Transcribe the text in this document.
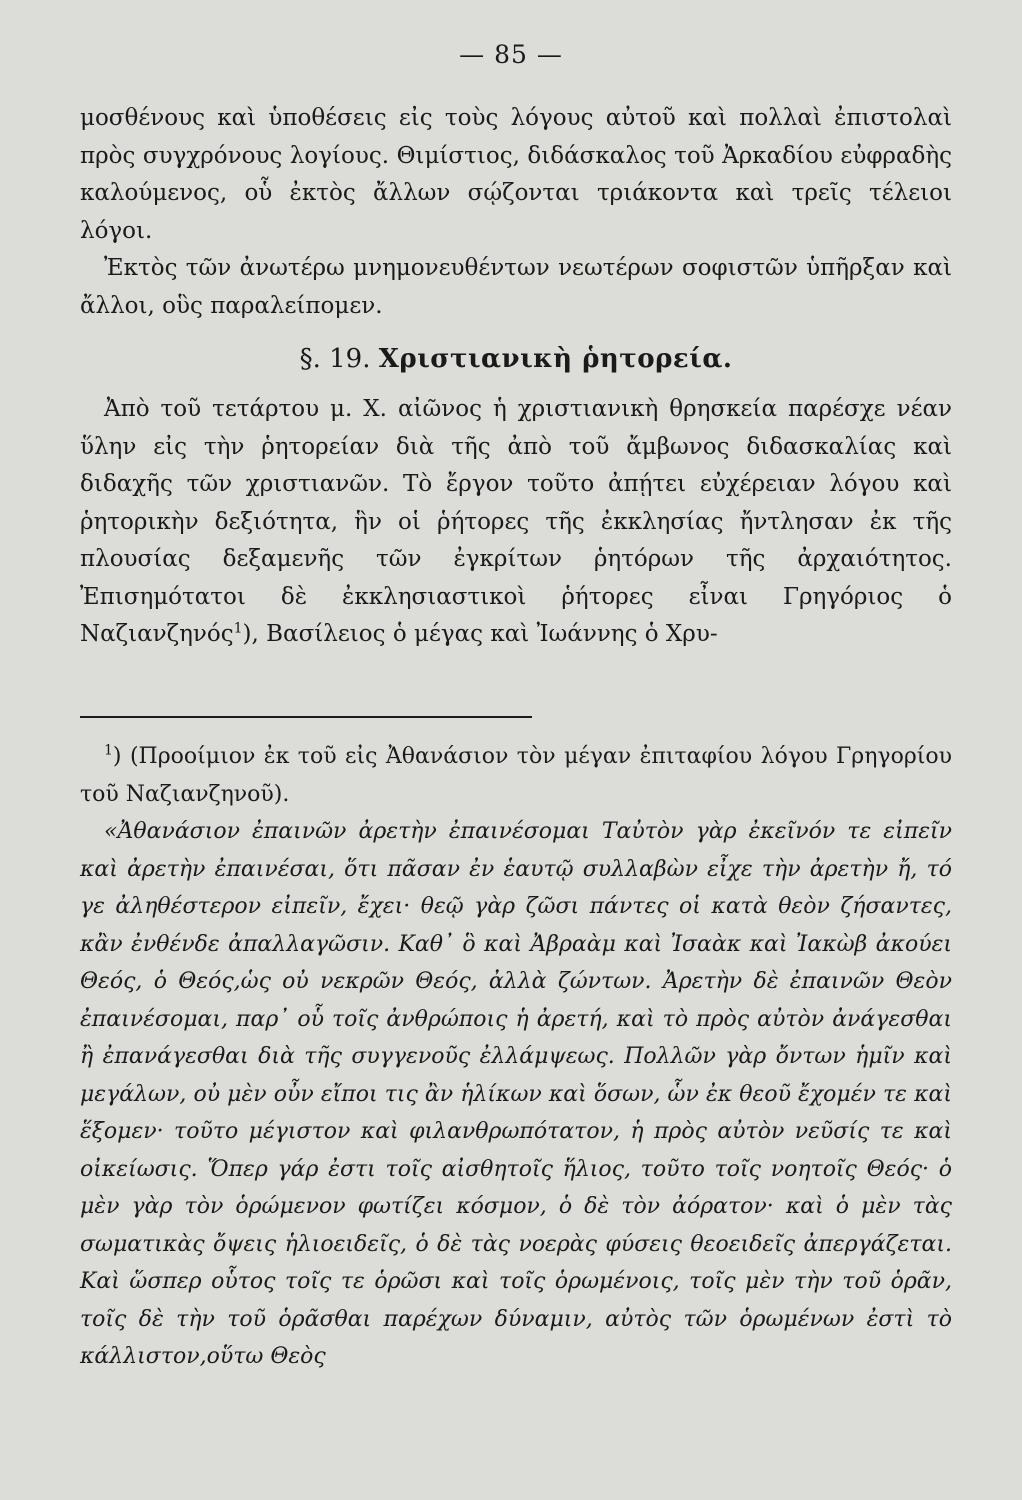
— 85 —

μοσθένους καὶ ὑποθέσεις εἰς τοὺς λόγους αὐτοῦ καὶ πολλαὶ ἐπιστολαὶ πρὸς συγχρόνους λογίους. Θιμίστιος, διδάσκαλος τοῦ Ἀρκαδίου εὐφραδὴς καλούμενος, οὗ ἐκτὸς ἄλλων σῴζονται τριάκοντα καὶ τρεῖς τέλειοι λόγοι.

Ἐκτὸς τῶν ἀνωτέρω μνημονευθέντων νεωτέρων σοφιστῶν ὑπῆρξαν καὶ ἄλλοι, οὓς παραλείπομεν.

§. 19. Χριστιανικὴ ῥητορεία.

Ἀπὸ τοῦ τετάρτου μ. Χ. αἰῶνος ἡ χριστιανικὴ θρησκεία παρέσχε νέαν ὕλην εἰς τὴν ῥητορείαν διὰ τῆς ἀπὸ τοῦ ἄμβωνος διδασκαλίας καὶ διδαχῆς τῶν χριστιανῶν. Τὸ ἔργον τοῦτο ἀπῄτει εὐχέρειαν λόγου καὶ ῥητορικὴν δεξιότητα, ἣν οἱ ῥήτορες τῆς ἐκκλησίας ἤντλησαν ἐκ τῆς πλουσίας δεξαμενῆς τῶν ἐγκρίτων ῥητόρων τῆς ἀρχαιότητος. Ἐπισημότατοι δὲ ἐκκλησιαστικοὶ ῥήτορες εἶναι Γρηγόριος ὁ Ναζιανζηνός$^1$), Βασίλειος ὁ μέγας καὶ Ἰωάννης ὁ Χρυ-

$^1$) (Προοίμιον ἐκ τοῦ εἰς Ἀθανάσιον τὸν μέγαν ἐπιταφίου λόγου Γρηγορίου τοῦ Ναζιανζηνοῦ).

«Ἀθανάσιον ἐπαινῶν ἀρετὴν ἐπαινέσομαι Ταὐτὸν γὰρ ἐκεῖνόν τε εἰπεῖν καὶ ἀρετὴν ἐπαινέσαι, ὅτι πᾶσαν ἐν ἑαυτῷ συλλαβὼν εἶχε τὴν ἀρετὴν ἤ, τό γε ἀληθέστερον εἰπεῖν, ἔχει· θεῷ γὰρ ζῶσι πάντες οἱ κατὰ θεὸν ζήσαντες, κἂν ἐνθένδε ἀπαλλαγῶσιν. Καθ᾽ ὃ καὶ Ἀβραὰμ καὶ Ἰσαὰκ καὶ Ἰακὼβ ἀκούει Θεός, ὁ Θεός,ὡς οὐ νεκρῶν Θεός, ἀλλὰ ζώντων. Ἀρετὴν δὲ ἐπαινῶν Θεὸν ἐπαινέσομαι, παρ᾽ οὗ τοῖς ἀνθρώποις ἡ ἀρετή, καὶ τὸ πρὸς αὐτὸν ἀνάγεσθαι ἢ ἐπανάγεσθαι διὰ τῆς συγγενοῦς ἐλλάμψεως. Πολλῶν γὰρ ὄντων ἡμῖν καὶ μεγάλων, οὐ μὲν οὖν εἴποι τις ἂν ἡλίκων καὶ ὅσων, ὧν ἐκ θεοῦ ἔχομέν τε καὶ ἕξομεν· τοῦτο μέγιστον καὶ φιλανθρωπότατον, ἡ πρὸς αὐτὸν νεῦσίς τε καὶ οἰκείωσις. Ὅπερ γάρ ἐστι τοῖς αἰσθητοῖς ἥλιος, τοῦτο τοῖς νοητοῖς Θεός· ὁ μὲν γὰρ τὸν ὁρώμενον φωτίζει κόσμον, ὁ δὲ τὸν ἀόρατον· καὶ ὁ μὲν τὰς σωματικὰς ὄψεις ἡλιοειδεῖς, ὁ δὲ τὰς νοερὰς φύσεις θεοειδεῖς ἀπεργάζεται. Καὶ ὥσπερ οὗτος τοῖς τε ὁρῶσι καὶ τοῖς ὁρωμένοις, τοῖς μὲν τὴν τοῦ ὁρᾶν, τοῖς δὲ τὴν τοῦ ὁρᾶσθαι παρέχων δύναμιν, αὐτὸς τῶν ὁρωμένων ἐστὶ τὸ κάλλιστον,οὕτω Θεὸς
